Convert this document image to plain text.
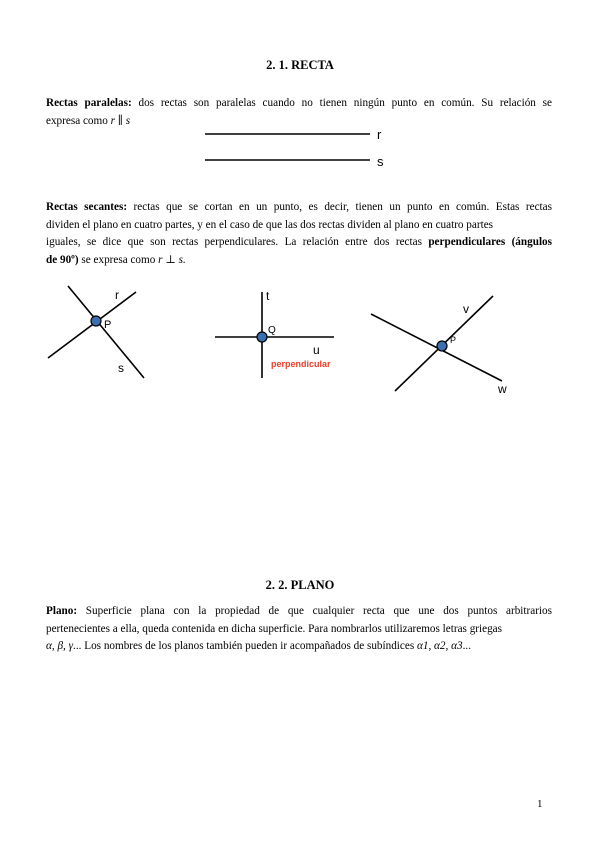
2. 1. RECTA
Rectas paralelas: dos rectas son paralelas cuando no tienen ningún punto en común. Su relación se
expresa como r ∥ s
r
s
Rectas secantes: rectas que se cortan en un punto, es decir, tienen un punto en común. Estas rectas
dividen el plano en cuatro partes, y en el caso de que las dos rectas dividen al plano en cuatro partes
iguales, se dice que son rectas perpendiculares. La relación entre dos rectas perpendiculares (ángulos
de 90º) se expresa como r ⊥ s.
r
P
s
t
Q
u
perpendicular
v
P
w
2. 2. PLANO
Plano: Superficie plana con la propiedad de que cualquier recta que une dos puntos arbitrarios
pertenecientes a ella, queda contenida en dicha superficie. Para nombrarlos utilizaremos letras griegas
α, β, γ... Los nombres de los planos también pueden ir acompañados de subíndices α1, α2, α3...
1
